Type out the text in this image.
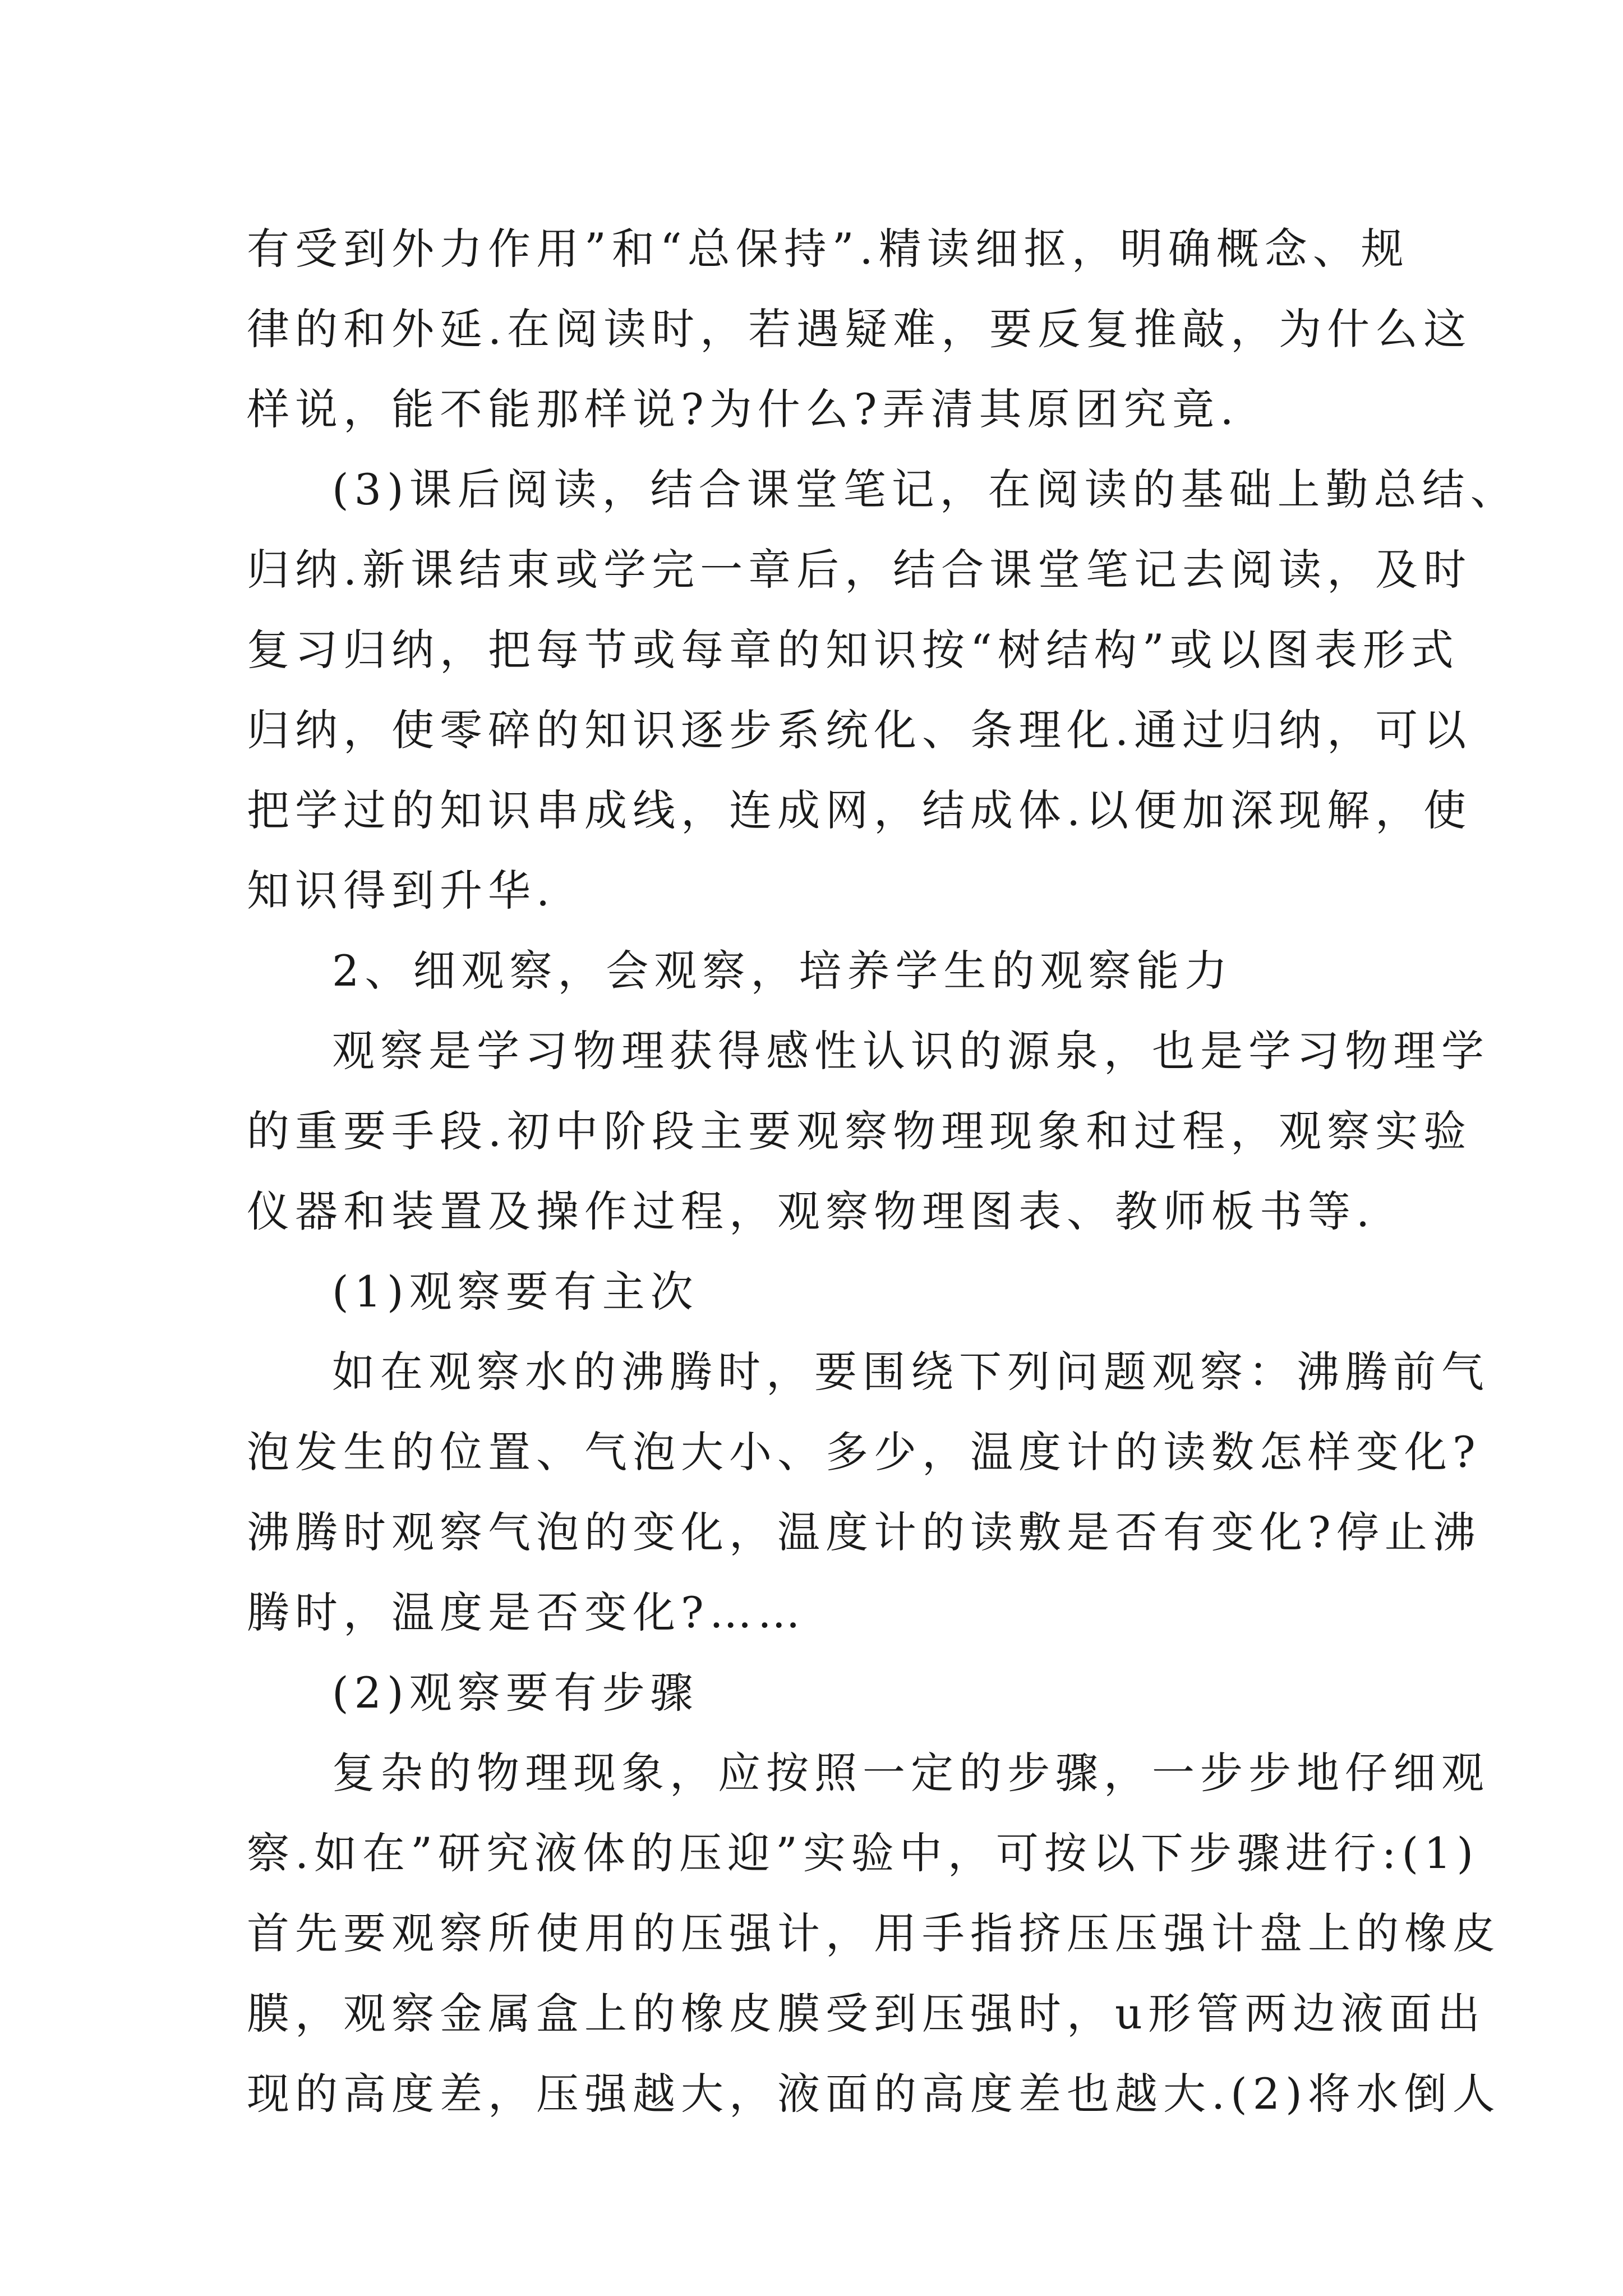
有受到外力作用”和“总保持”.精读细抠，明确概念、规
律的和外延.在阅读时，若遇疑难，要反复推敲，为什么这
样说，能不能那样说?为什么?弄清其原团究竟.
(3)课后阅读，结合课堂笔记，在阅读的基础上勤总结、
归纳.新课结束或学完一章后，结合课堂笔记去阅读，及时
复习归纳，把每节或每章的知识按“树结构”或以图表形式
归纳，使零碎的知识逐步系统化、条理化.通过归纳，可以
把学过的知识串成线，连成网，结成体.以便加深现解，使
知识得到升华.
2、细观察，会观察，培养学生的观察能力
观察是学习物理获得感性认识的源泉，也是学习物理学
的重要手段.初中阶段主要观察物理现象和过程，观察实验
仪器和装置及操作过程，观察物理图表、教师板书等.
(1)观察要有主次
如在观察水的沸腾时，要围绕下列问题观察：沸腾前气
泡发生的位置、气泡大小、多少，温度计的读数怎样变化?
沸腾时观察气泡的变化，温度计的读敷是否有变化?停止沸
腾时，温度是否变化?……
(2)观察要有步骤
复杂的物理现象，应按照一定的步骤，一步步地仔细观
察.如在”研究液体的压迎”实验中，可按以下步骤进行:(1)
首先要观察所使用的压强计，用手指挤压压强计盘上的橡皮
膜，观察金属盒上的橡皮膜受到压强时，u形管两边液面出
现的高度差，压强越大，液面的高度差也越大.(2)将水倒人
